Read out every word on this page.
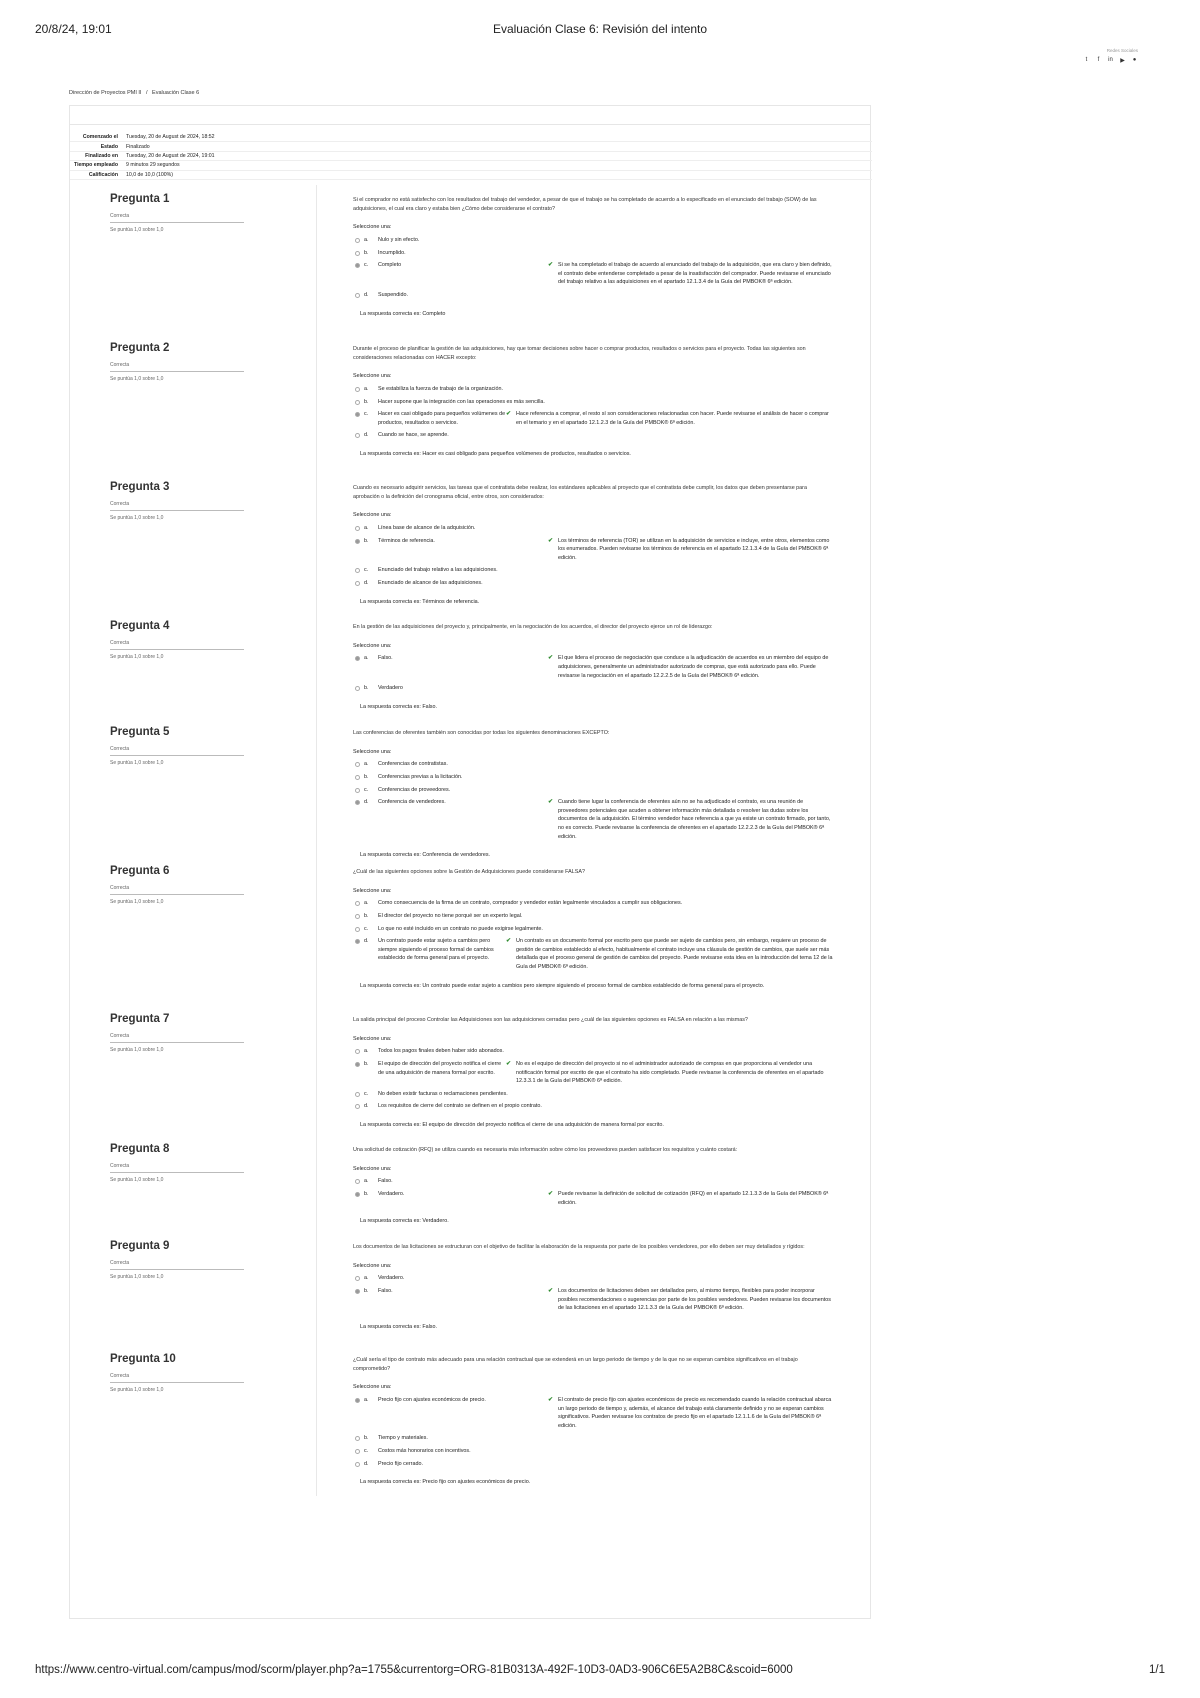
20/8/24, 19:01	Evaluación Clase 6: Revisión del intento
Redes Sociales
t	f	in ▶ ●
Dirección de Proyectos PMI II / Evaluación Clase 6
Comenzado el	Tuesday, 20 de August de 2024, 18:52
Estado	Finalizado
Finalizado en	Tuesday, 20 de August de 2024, 19:01
Tiempo empleado	9 minutos 29 segundos
Calificación	10,0 de 10,0 (100%)
Pregunta 1
Correcta
Se puntúa 1,0 sobre 1,0
Si el comprador no está satisfecho con los resultados del trabajo del vendedor, a pesar de que el trabajo se ha completado de acuerdo a lo especificado en el enunciado del trabajo (SOW) de las adquisiciones, el cual era claro y estaba bien ¿Cómo debe considerarse el contrato?
Seleccione una:
a.	Nulo y sin efecto.
b.	Incumplido.
c.	Completo	✔ Si se ha completado el trabajo de acuerdo al enunciado del trabajo de la adquisición, que era claro y bien definido, el contrato debe entenderse completado a pesar de la insatisfacción del comprador. Puede revisarse el enunciado del trabajo relativo a las adquisiciones en el apartado 12.1.3.4 de la Guía del PMBOK® 6ª edición.
d.	Suspendido.
La respuesta correcta es: Completo
Pregunta 2
Correcta
Se puntúa 1,0 sobre 1,0
Durante el proceso de planificar la gestión de las adquisiciones, hay que tomar decisiones sobre hacer o comprar productos, resultados o servicios para el proyecto. Todas las siguientes son consideraciones relacionadas con HACER excepto:
Seleccione una:
a.	Se estabiliza la fuerza de trabajo de la organización.
b.	Hacer supone que la integración con las operaciones es más sencilla.
c.	Hacer es casi obligado para pequeños volúmenes de productos, resultados o servicios.
✔ Hace referencia a comprar, el resto sí son consideraciones relacionadas con hacer. Puede revisarse el análisis de hacer o comprar en el temario y en el apartado 12.1.2.3 de la Guía del PMBOK® 6ª edición.
d.	Cuando se hace, se aprende.
La respuesta correcta es: Hacer es casi obligado para pequeños volúmenes de productos, resultados o servicios.
Pregunta 3
Correcta
Se puntúa 1,0 sobre 1,0
Cuando es necesario adquirir servicios, las tareas que el contratista debe realizar, los estándares aplicables al proyecto que el contratista debe cumplir, los datos que deben presentarse para aprobación o la definición del cronograma oficial, entre otros, son considerados:
Seleccione una:
a.	Línea base de alcance de la adquisición.
b.	Términos de referencia.	✔ Los términos de referencia (TOR) se utilizan en la adquisición de servicios e incluye, entre otros, elementos como los enumerados. Pueden revisarse los términos de referencia en el apartado 12.1.3.4 de la Guía del PMBOK® 6ª edición.
c.	Enunciado del trabajo relativo a las adquisiciones.
d.	Enunciado de alcance de las adquisiciones.
La respuesta correcta es: Términos de referencia.
Pregunta 4
Correcta
Se puntúa 1,0 sobre 1,0
En la gestión de las adquisiciones del proyecto y, principalmente, en la negociación de los acuerdos, el director del proyecto ejerce un rol de liderazgo:
Seleccione una:
a.	Falso.	✔ El que lidera el proceso de negociación que conduce a la adjudicación de acuerdos es un miembro del equipo de adquisiciones, generalmente un administrador autorizado de compras, que está autorizado para ello. Puede revisarse la negociación en el apartado 12.2.2.5 de la Guía del PMBOK® 6ª edición.
b.	Verdadero
La respuesta correcta es: Falso.
Pregunta 5
Correcta
Se puntúa 1,0 sobre 1,0
Las conferencias de oferentes también son conocidas por todas los siguientes denominaciones EXCEPTO:
Seleccione una:
a.	Conferencias de contratistas.
b.	Conferencias previas a la licitación.
c.	Conferencias de proveedores.
d.	Conferencia de vendedores.	✔ Cuando tiene lugar la conferencia de oferentes aún no se ha adjudicado el contrato, es una reunión de proveedores potenciales que acuden a obtener información más detallada o resolver las dudas sobre los documentos de la adquisición. El término vendedor hace referencia a que ya existe un contrato firmado, por tanto, no es correcto. Puede revisarse la conferencia de oferentes en el apartado 12.2.2.3 de la Guía del PMBOK® 6ª edición.
La respuesta correcta es: Conferencia de vendedores.
Pregunta 6
Correcta
Se puntúa 1,0 sobre 1,0
¿Cuál de las siguientes opciones sobre la Gestión de Adquisiciones puede considerarse FALSA?
Seleccione una:
a.	Como consecuencia de la firma de un contrato, comprador y vendedor están legalmente vinculados a cumplir sus obligaciones.
b.	El director del proyecto no tiene porqué ser un experto legal.
c.	Lo que no esté incluido en un contrato no puede exigirse legalmente.
d.	Un contrato puede estar sujeto a cambios pero siempre siguiendo el proceso formal de cambios establecido de forma general para el proyecto.
✔ Un contrato es un documento formal por escrito pero que puede ser sujeto de cambios pero, sin embargo, requiere un proceso de gestión de cambios establecido al efecto, habitualmente el contrato incluye una cláusula de gestión de cambios, que suele ser más detallada que el proceso general de gestión de cambios del proyecto. Puede revisarse esta idea en la introducción del tema 12 de la Guía del PMBOK® 6ª edición.
La respuesta correcta es: Un contrato puede estar sujeto a cambios pero siempre siguiendo el proceso formal de cambios establecido de forma general para el proyecto.
Pregunta 7
Correcta
Se puntúa 1,0 sobre 1,0
La salida principal del proceso Controlar las Adquisiciones son las adquisiciones cerradas pero ¿cuál de las siguientes opciones es FALSA en relación a las mismas?
Seleccione una:
a.	Todos los pagos finales deben haber sido abonados.
b.	El equipo de dirección del proyecto notifica el cierre de una adquisición de manera formal por escrito.
✔ No es el equipo de dirección del proyecto si no el administrador autorizado de compras en que proporciona al vendedor una notificación formal por escrito de que el contrato ha sido completado. Puede revisarse la conferencia de oferentes en el apartado 12.3.3.1 de la Guía del PMBOK® 6ª edición.
c.	No deben existir facturas o reclamaciones pendientes.
d.	Los requisitos de cierre del contrato se definen en el propio contrato.
La respuesta correcta es: El equipo de dirección del proyecto notifica el cierre de una adquisición de manera formal por escrito.
Pregunta 8
Correcta
Se puntúa 1,0 sobre 1,0
Una solicitud de cotización (RFQ) se utiliza cuando es necesaria más información sobre cómo los proveedores pueden satisfacer los requisitos y cuánto costará:
Seleccione una:
a.	Falso.
b.	Verdadero.	✔ Puede revisarse la definición de solicitud de cotización (RFQ) en el apartado 12.1.3.3 de la Guía del PMBOK® 6ª edición.
La respuesta correcta es: Verdadero.
Pregunta 9
Correcta
Se puntúa 1,0 sobre 1,0
Los documentos de las licitaciones se estructuran con el objetivo de facilitar la elaboración de la respuesta por parte de los posibles vendedores, por ello deben ser muy detallados y rígidos:
Seleccione una:
a.	Verdadero.
b.	Falso.	✔ Los documentos de licitaciones deben ser detallados pero, al mismo tiempo, flexibles para poder incorporar posibles recomendaciones o sugerencias por parte de los posibles vendedores. Pueden revisarse los documentos de las licitaciones en el apartado 12.1.3.3 de la Guía del PMBOK® 6ª edición.
La respuesta correcta es: Falso.
Pregunta 10
Correcta
Se puntúa 1,0 sobre 1,0
¿Cuál sería el tipo de contrato más adecuado para una relación contractual que se extenderá en un largo periodo de tiempo y de la que no se esperan cambios significativos en el trabajo comprometido?
Seleccione una:
a.	Precio fijo con ajustes económicos de precio.	✔ El contrato de precio fijo con ajustes económicos de precio es recomendado cuando la relación contractual abarca un largo periodo de tiempo y, además, el alcance del trabajo está claramente definido y no se esperan cambios significativos. Pueden revisarse los contratos de precio fijo en el apartado 12.1.1.6 de la Guía del PMBOK® 6ª edición.
b.	Tiempo y materiales.
c.	Costos más honorarios con incentivos.
d.	Precio fijo cerrado.
La respuesta correcta es: Precio fijo con ajustes económicos de precio.
https://www.centro-virtual.com/campus/mod/scorm/player.php?a=1755&currentorg=ORG-81B0313A-492F-10D3-0AD3-906C6E5A2B8C&scoid=6000	1/1
